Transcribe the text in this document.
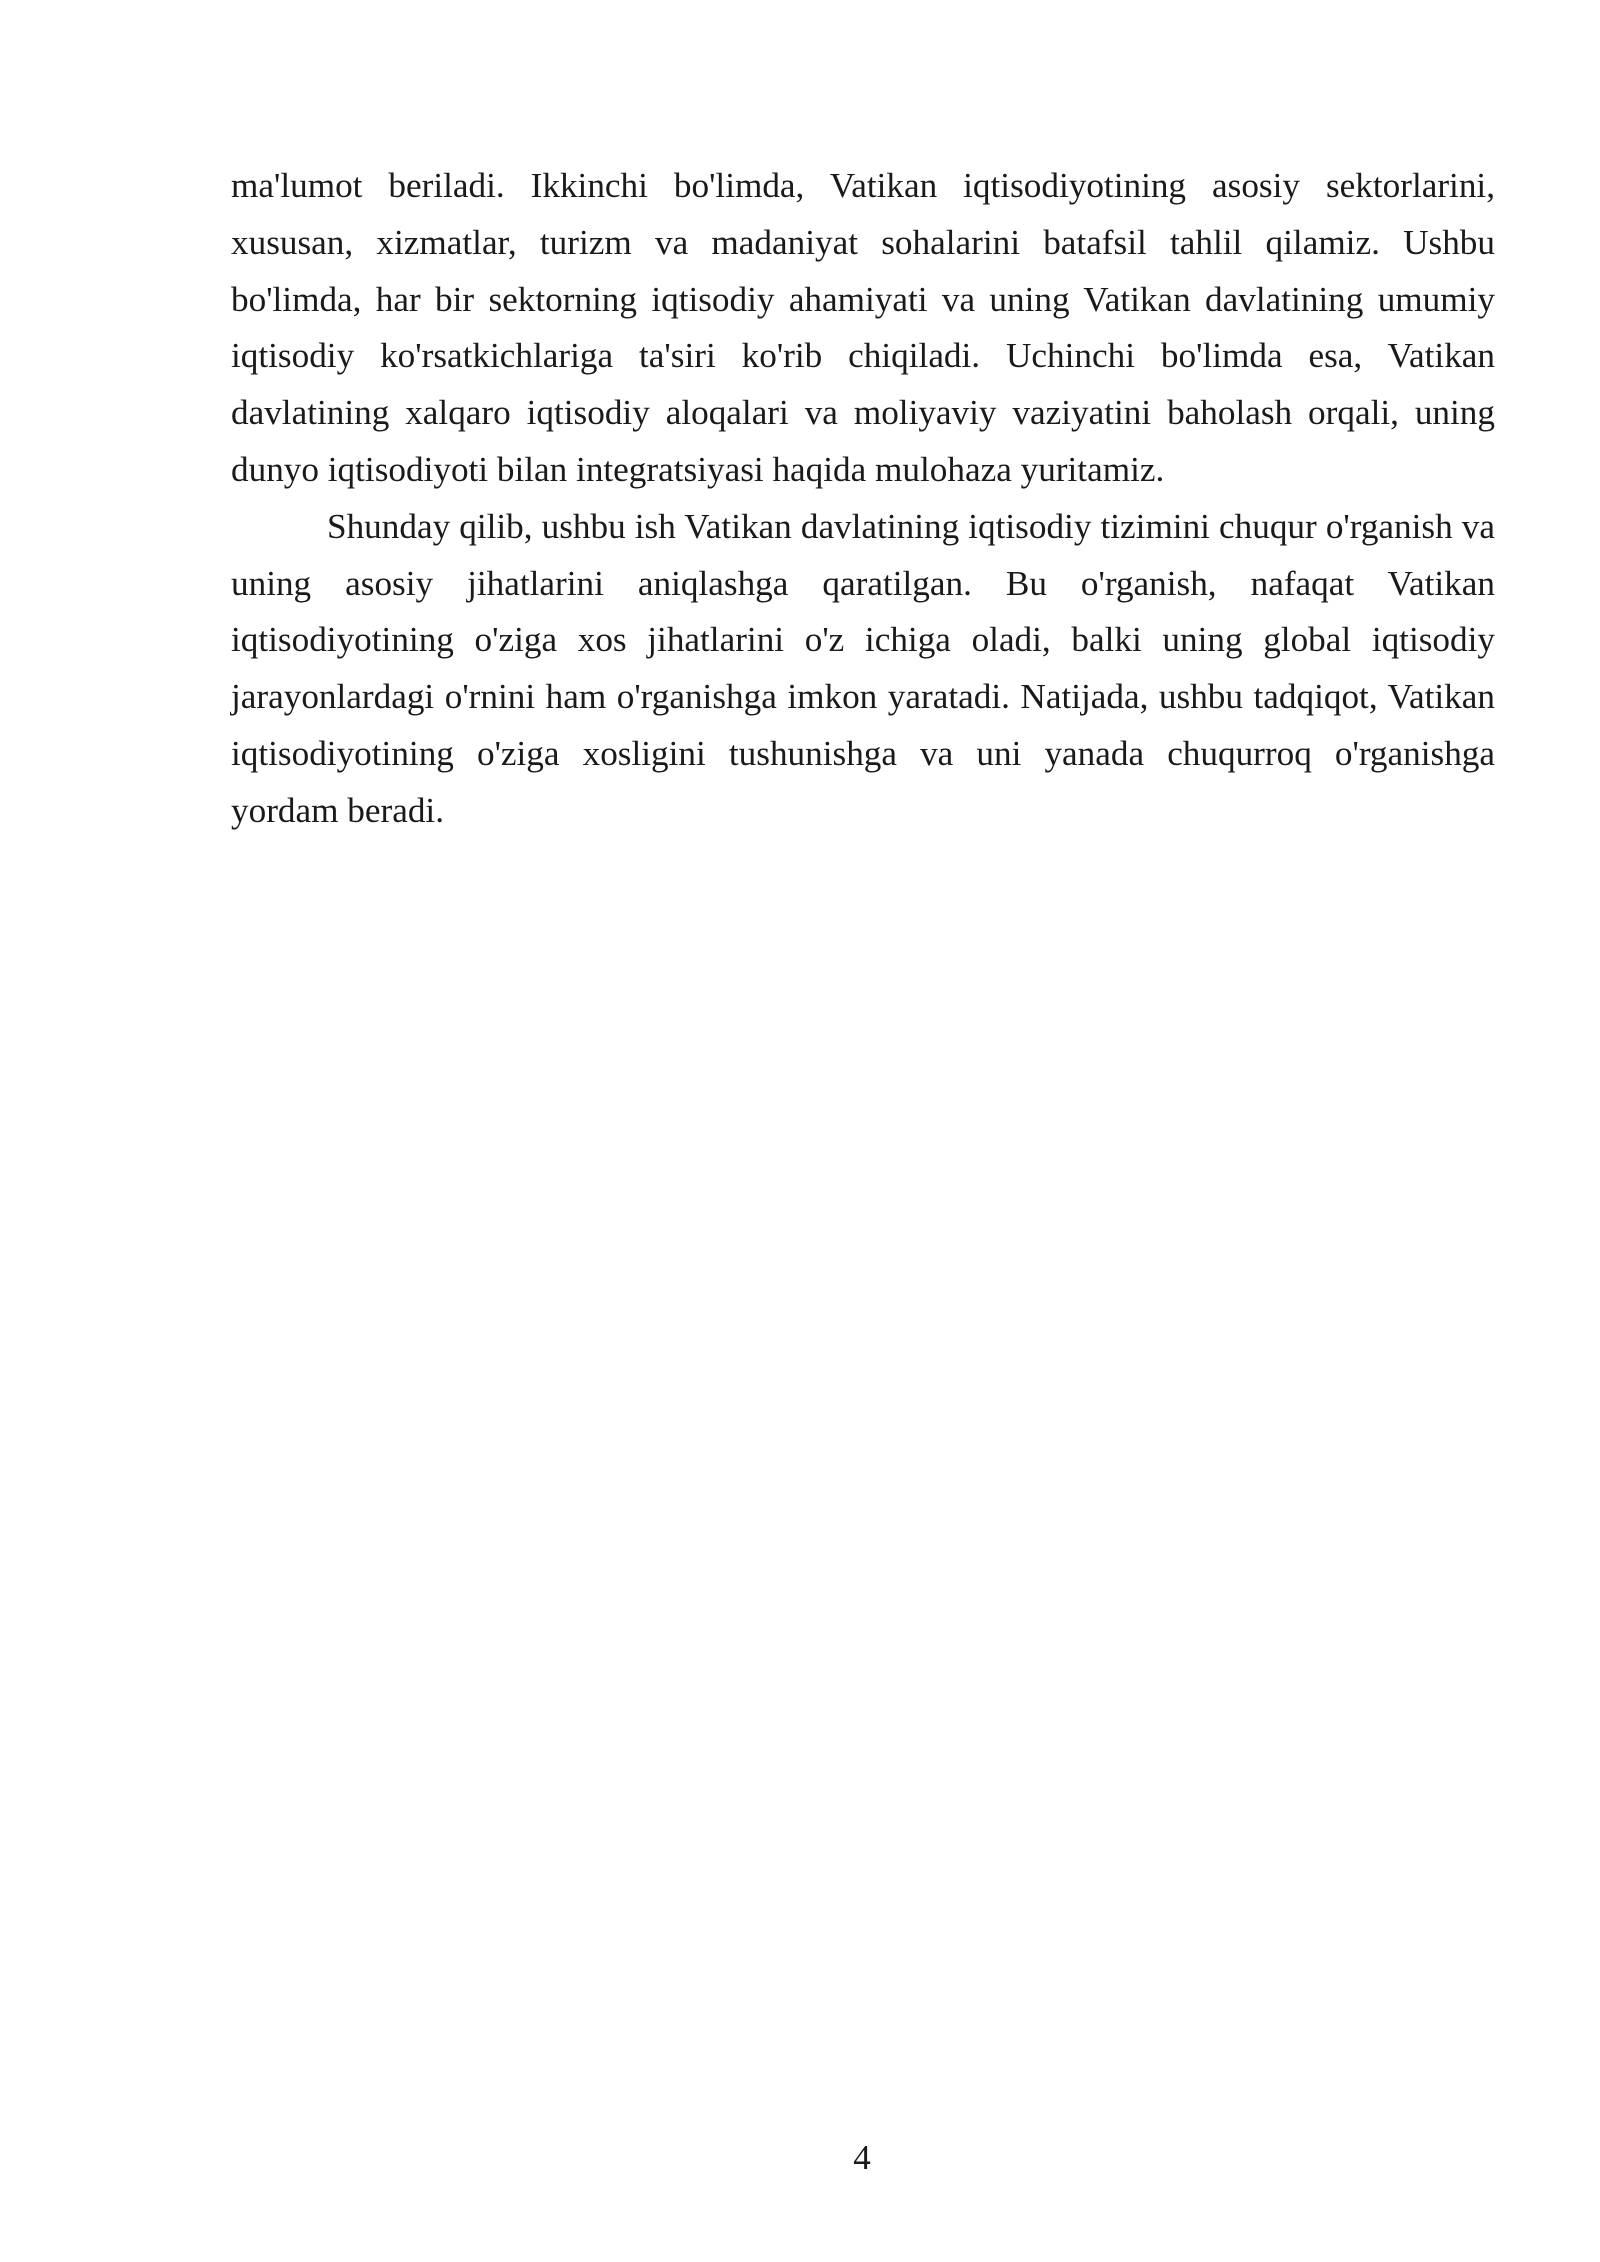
ma'lumot beriladi. Ikkinchi bo'limda, Vatikan iqtisodiyotining asosiy sektorlarini, xususan, xizmatlar, turizm va madaniyat sohalarini batafsil tahlil qilamiz. Ushbu bo'limda, har bir sektorning iqtisodiy ahamiyati va uning Vatikan davlatining umumiy iqtisodiy ko'rsatkichlariga ta'siri ko'rib chiqiladi. Uchinchi bo'limda esa, Vatikan davlatining xalqaro iqtisodiy aloqalari va moliyaviy vaziyatini baholash orqali, uning dunyo iqtisodiyoti bilan integratsiyasi haqida mulohaza yuritamiz.

Shunday qilib, ushbu ish Vatikan davlatining iqtisodiy tizimini chuqur o'rganish va uning asosiy jihatlarini aniqlashga qaratilgan. Bu o'rganish, nafaqat Vatikan iqtisodiyotining o'ziga xos jihatlarini o'z ichiga oladi, balki uning global iqtisodiy jarayonlardagi o'rnini ham o'rganishga imkon yaratadi. Natijada, ushbu tadqiqot, Vatikan iqtisodiyotining o'ziga xosligini tushunishga va uni yanada chuqurroq o'rganishga yordam beradi.

4
